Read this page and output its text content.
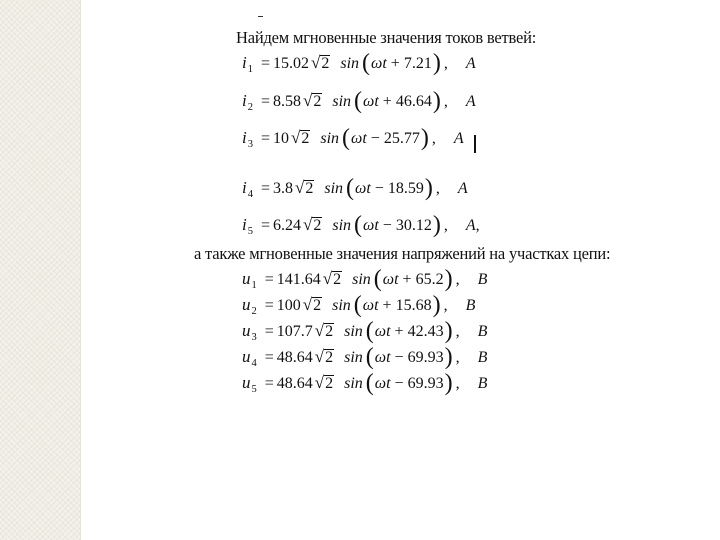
Найдем мгновенные значения токов ветвей:
i 1 = 15.02 √ 2 sin ( ωt + 7.21 ) , A
i 2 = 8.58 √ 2 sin ( ωt + 46.64 ) , A
i 3 = 10 √ 2 sin ( ωt − 25.77 ) , A
i 4 = 3.8 √ 2 sin ( ωt − 18.59 ) , A
i 5 = 6.24 √ 2 sin ( ωt − 30.12 ) , A ,
а также мгновенные значения напряжений на участках цепи:
u 1 = 141.64 √ 2 sin ( ωt + 65.2 ) , B
u 2 = 100 √ 2 sin ( ωt + 15.68 ) , B
u 3 = 107.7 √ 2 sin ( ωt + 42.43 ) , B
u 4 = 48.64 √ 2 sin ( ωt − 69.93 ) , B
u 5 = 48.64 √ 2 sin ( ωt − 69.93 ) , B
